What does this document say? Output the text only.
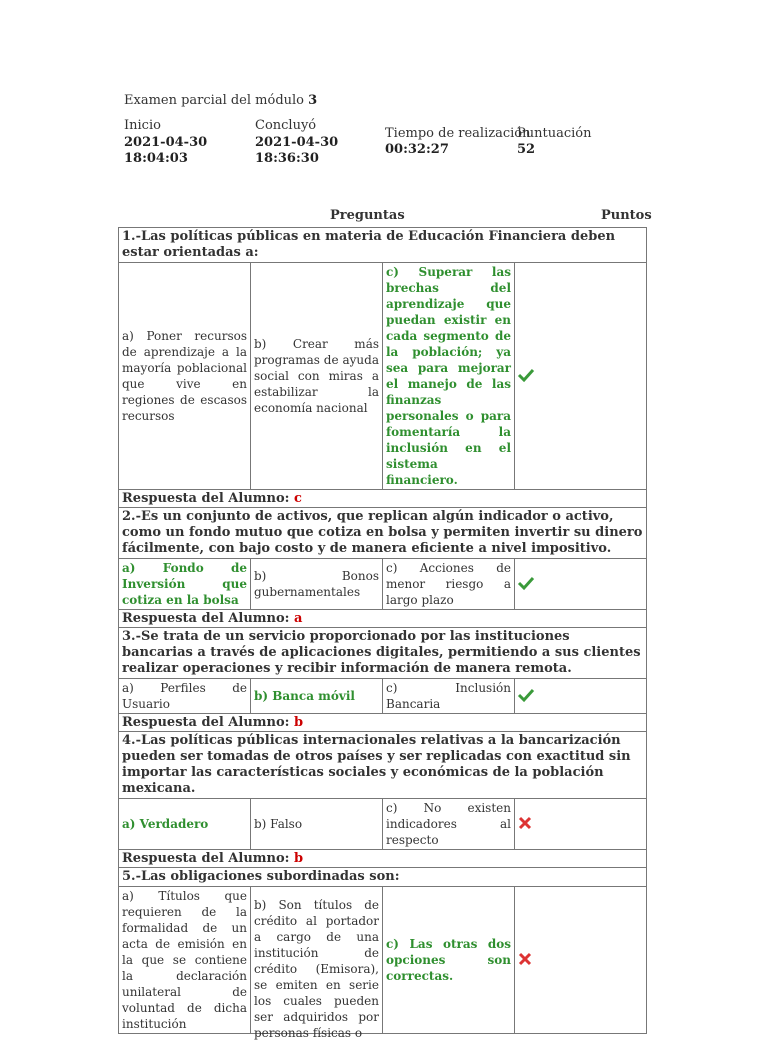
Examen parcial del módulo 3
Inicio
2021-04-30
18:04:03
Concluyó
2021-04-30
18:36:30
Tiempo de realización
00:32:27
Puntuación
52
Preguntas	Puntos
1.-Las políticas públicas en materia de Educación Financiera deben estar orientadas a:			
a) Poner recursos de aprendizaje a la mayoría poblacional que vive en regiones de escasos recursos	b) Crear más programas de ayuda social con miras a estabilizar la economía nacional	c) Superar las brechas del aprendizaje que puedan existir en cada segmento de la población; ya sea para mejorar el manejo de las finanzas personales o para fomentaría la inclusión en el sistema financiero.	
Respuesta del Alumno: c			
2.-Es un conjunto de activos, que replican algún indicador o activo, como un fondo mutuo que cotiza en bolsa y permiten invertir su dinero fácilmente, con bajo costo y de manera eficiente a nivel impositivo.			
a) Fondo de Inversión que cotiza en la bolsa	b) Bonos gubernamentales	c) Acciones de menor riesgo a largo plazo	
Respuesta del Alumno: a			
3.-Se trata de un servicio proporcionado por las instituciones bancarias a través de aplicaciones digitales, permitiendo a sus clientes realizar operaciones y recibir información de manera remota.			
a) Perfiles de Usuario	b) Banca móvil	c) Inclusión Bancaria	
Respuesta del Alumno: b			
4.-Las políticas públicas internacionales relativas a la bancarización pueden ser tomadas de otros países y ser replicadas con exactitud sin importar las características sociales y económicas de la población mexicana.			
a) Verdadero	b) Falso	c) No existen indicadores al respecto	
Respuesta del Alumno: b			
5.-Las obligaciones subordinadas son:			
a) Títulos que requieren de la formalidad de un acta de emisión en la que se contiene la declaración unilateral de voluntad de dicha institución	b) Son títulos de crédito al portador a cargo de una institución de crédito (Emisora), se emiten en serie los cuales pueden ser adquiridos por personas físicas o	c) Las otras dos opciones son correctas.	
